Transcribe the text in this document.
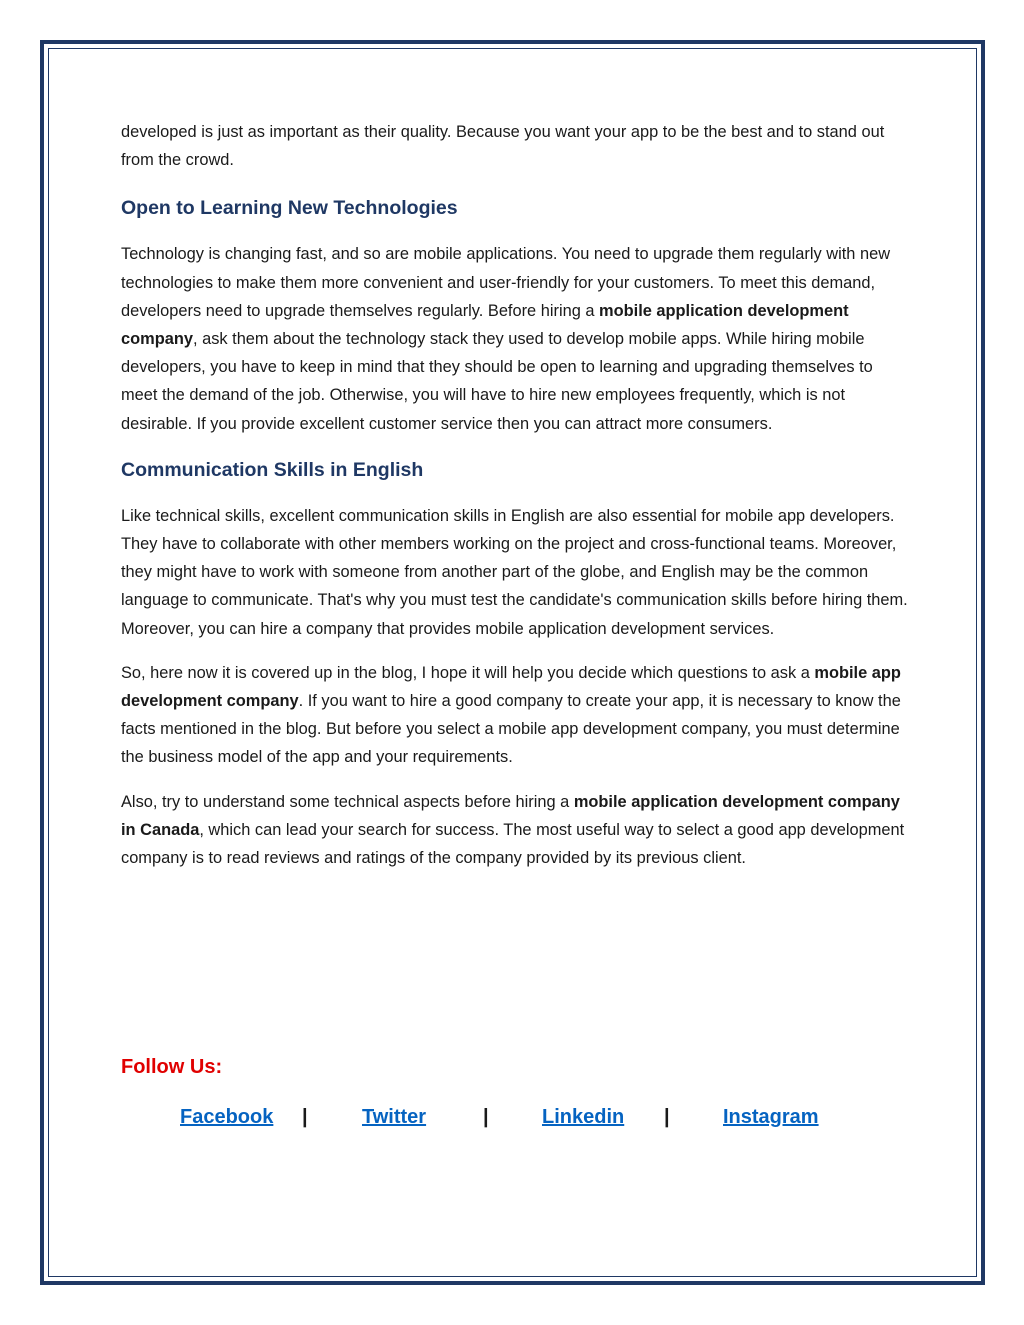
developed is just as important as their quality. Because you want your app to be the best and to stand out from the crowd.

Open to Learning New Technologies

Technology is changing fast, and so are mobile applications. You need to upgrade them regularly with new technologies to make them more convenient and user-friendly for your customers. To meet this demand, developers need to upgrade themselves regularly. Before hiring a mobile application development company, ask them about the technology stack they used to develop mobile apps. While hiring mobile developers, you have to keep in mind that they should be open to learning and upgrading themselves to meet the demand of the job. Otherwise, you will have to hire new employees frequently, which is not desirable. If you provide excellent customer service then you can attract more consumers.

Communication Skills in English

Like technical skills, excellent communication skills in English are also essential for mobile app developers. They have to collaborate with other members working on the project and cross-functional teams. Moreover, they might have to work with someone from another part of the globe, and English may be the common language to communicate. That's why you must test the candidate's communication skills before hiring them. Moreover, you can hire a company that provides mobile application development services.

So, here now it is covered up in the blog, I hope it will help you decide which questions to ask a mobile app development company. If you want to hire a good company to create your app, it is necessary to know the facts mentioned in the blog. But before you select a mobile app development company, you must determine the business model of the app and your requirements.

Also, try to understand some technical aspects before hiring a mobile application development company in Canada, which can lead your search for success. The most useful way to select a good app development company is to read reviews and ratings of the company provided by its previous client.

Follow Us:
Facebook |	Twitter	|	Linkedin |	Instagram
